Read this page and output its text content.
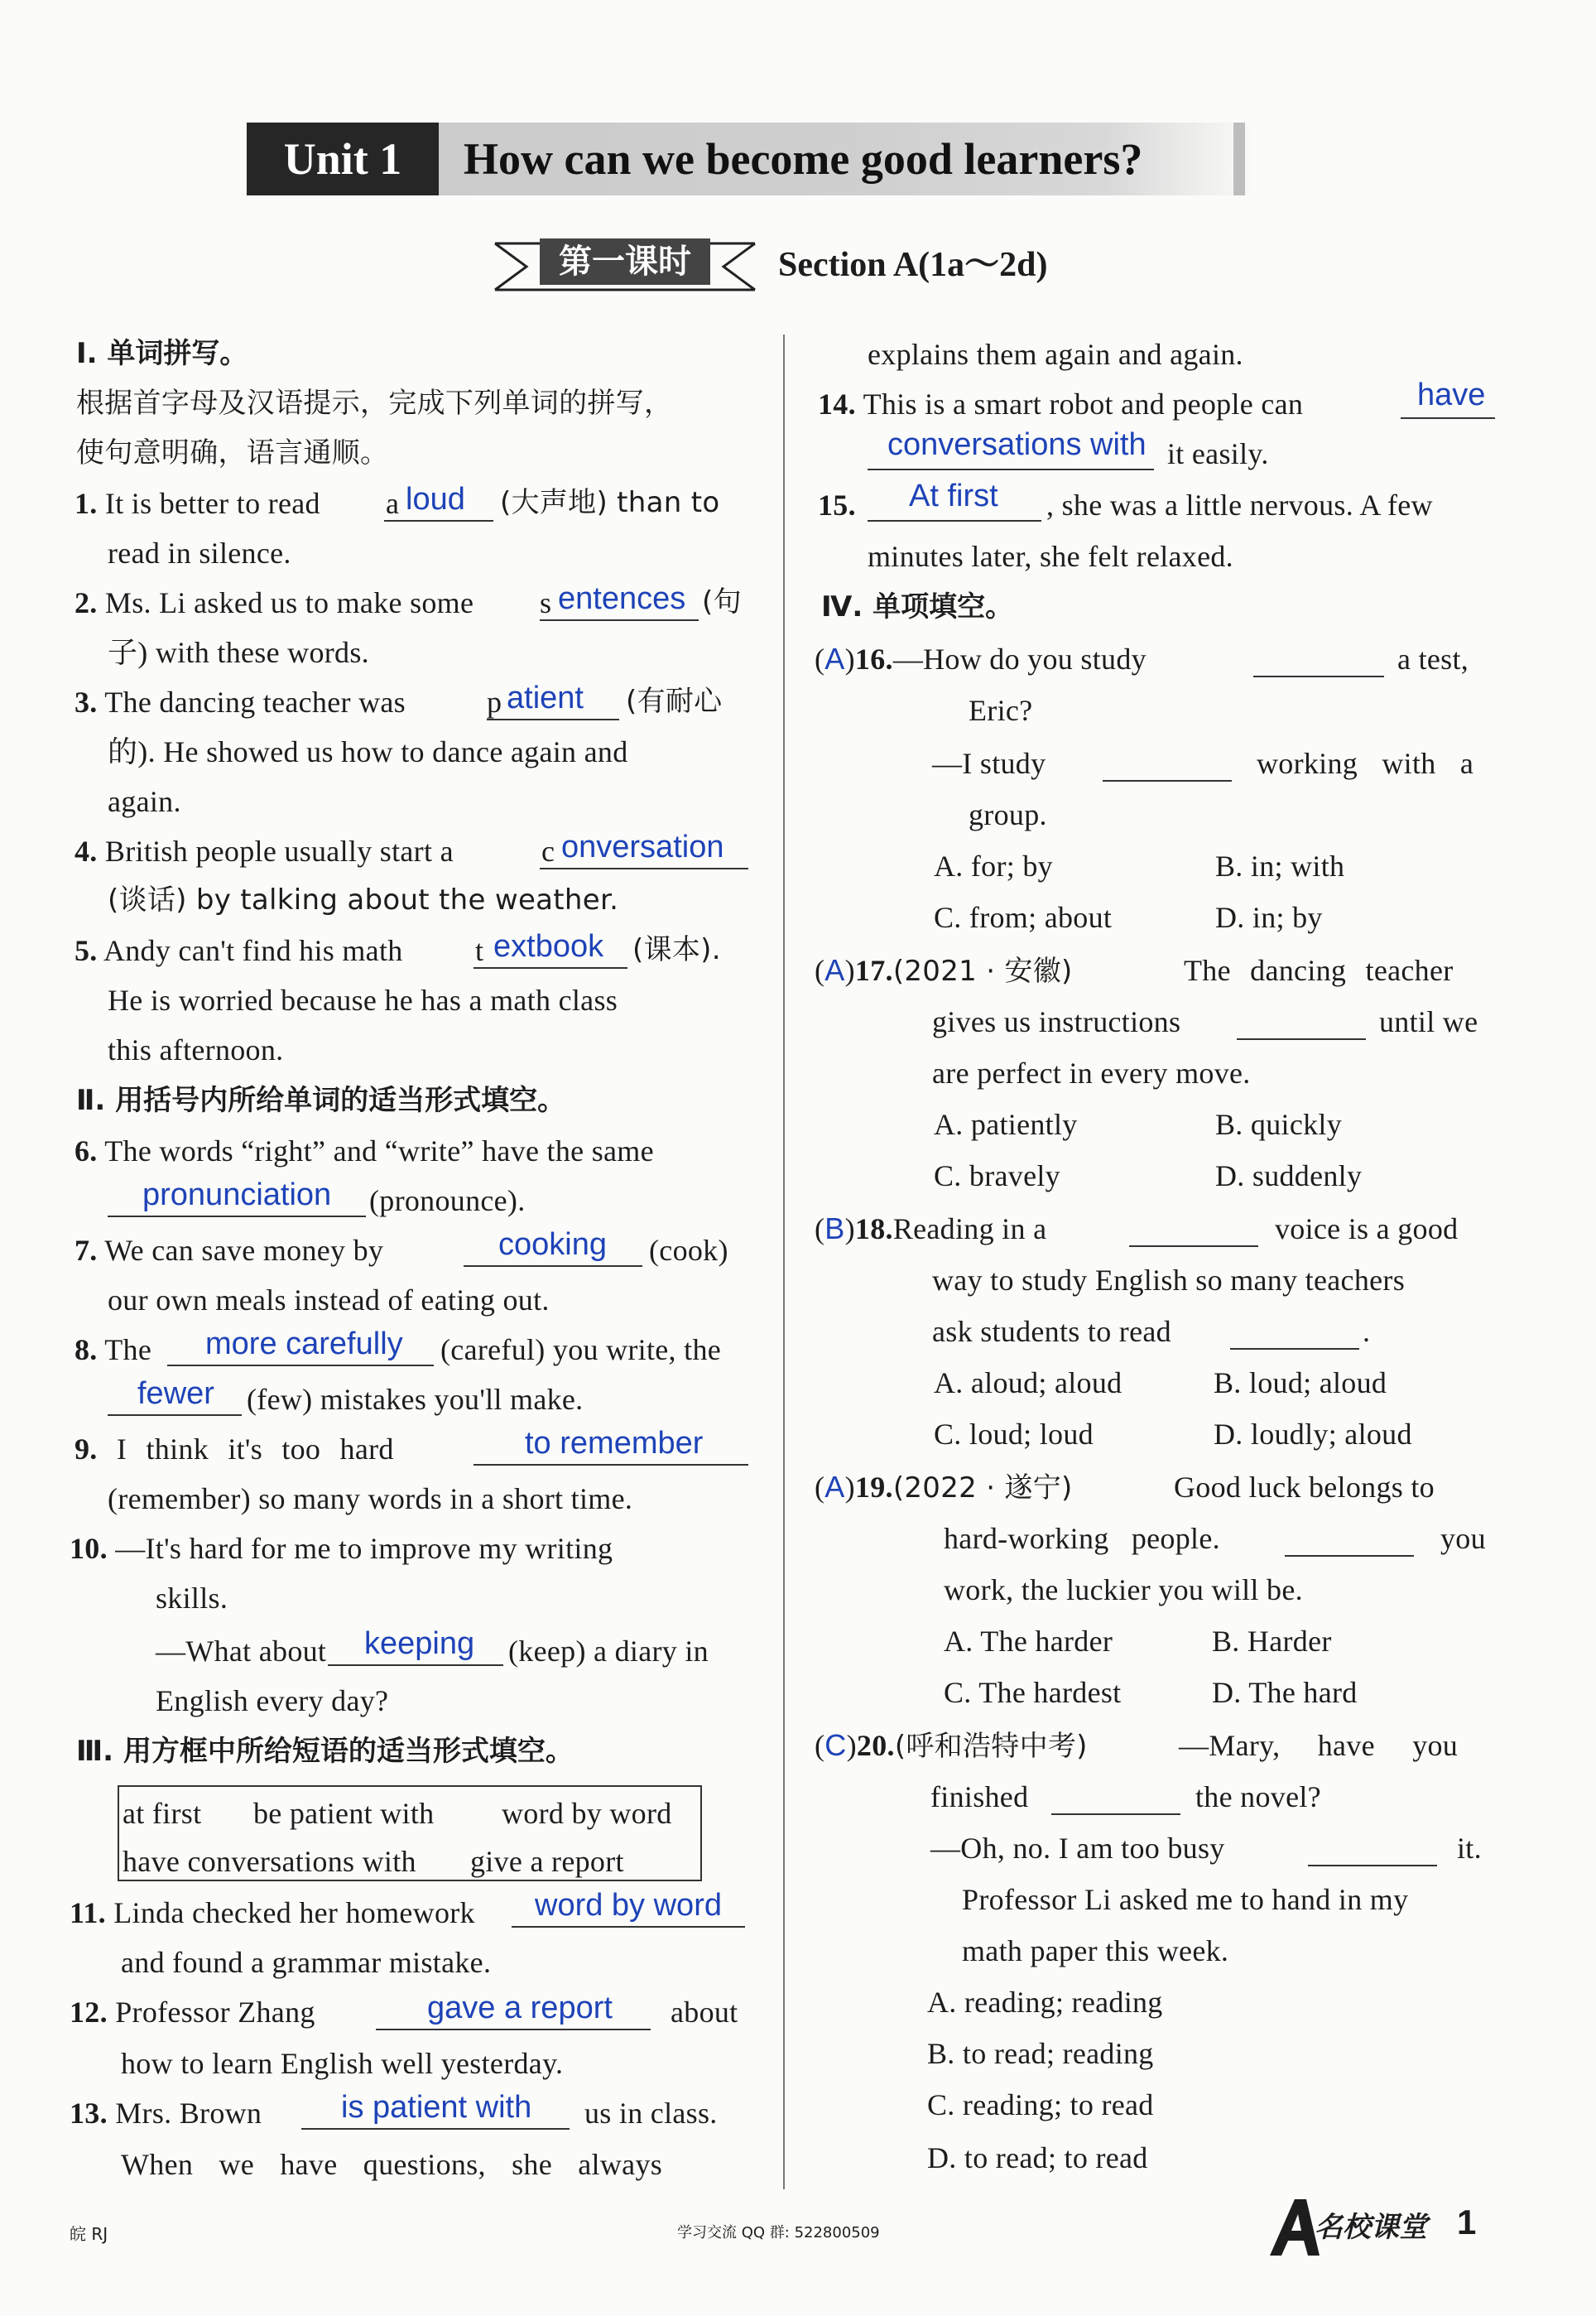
Unit 1	How can we become good learners?
第一课时	Section A(1a～2d)
Ⅰ. 单词拼写。
根据首字母及汉语提示，完成下列单词的拼写，
使句意明确，语言通顺。
1. It is better to read a loud (大声地) than to
read in silence.
2. Ms. Li asked us to make some s entences (句
子) with these words.
3. The dancing teacher was	p atient (有耐心
的). He showed us how to dance again and
again.
4. British people usually start a	c onversation
(谈话) by talking about the weather.
5. Andy can't find his math t extbook (课本).
He is worried because he has a math class
this afternoon.
Ⅱ. 用括号内所给单词的适当形式填空。
6. The words “right” and “write” have the same
pronunciation (pronounce).
7. We can save money by	cooking (cook)
our own meals instead of eating out.
8. The more carefully (careful) you write, the
fewer (few) mistakes you'll make.
9. I think it's too hard	to remember
(remember) so many words in a short time.
10. —It's hard for me to improve my writing
skills.
—What about keeping (keep) a diary in
English every day?
Ⅲ. 用方框中所给短语的适当形式填空。
at first be patient with word by word
have conversations with give a report
11. Linda checked her homework word by word
and found a grammar mistake.
12. Professor Zhang	gave a report about
how to learn English well yesterday.
13. Mrs. Brown	is patient with us in class.
When we have questions, she always
explains them again and again.
14. This is a smart robot and people can	have
conversations with it easily.
15. At first , she was a little nervous. A few
minutes later, she felt relaxed.
Ⅳ. 单项填空。
(A)16.—How do you study	a test,
Eric?
—I study	working with a
group.
A. for; by	B. in; with
C. from; about	D. in; by
(A)17.(2021 · 安徽)	The dancing teacher
gives us instructions	until we
are perfect in every move.
A. patiently	B. quickly
C. bravely	D. suddenly
(B)18.Reading in a	voice is a good
way to study English so many teachers
ask students to read	.
A. aloud; aloud	B. loud; aloud
C. loud; loud	D. loudly; aloud
(A)19.(2022 · 遂宁)	Good luck belongs to
hard-working people.	you
work, the luckier you will be.
A. The harder	B. Harder
C. The hardest	D. The hard
(C)20.(呼和浩特中考)	—Mary, have you
finished	the novel?
—Oh, no. I am too busy	it.
Professor Li asked me to hand in my
math paper this week.
A. reading; reading
B. to read; reading
C. reading; to read
D. to read; to read
皖 RJ	学习交流 QQ 群: 522800509	名校课堂 1
